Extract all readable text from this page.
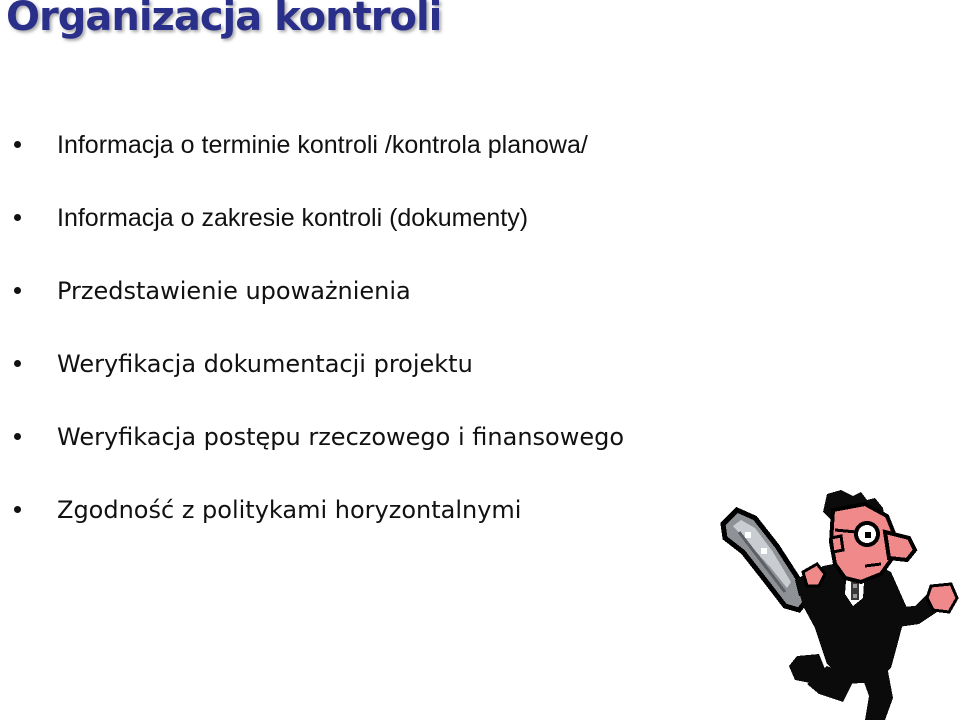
Organizacja kontroli
Informacja o terminie kontroli /kontrola planowa/
Informacja o zakresie kontroli (dokumenty)
Przedstawienie upoważnienia
Weryfikacja dokumentacji projektu
Weryfikacja postępu rzeczowego i finansowego
Zgodność z politykami horyzontalnymi
